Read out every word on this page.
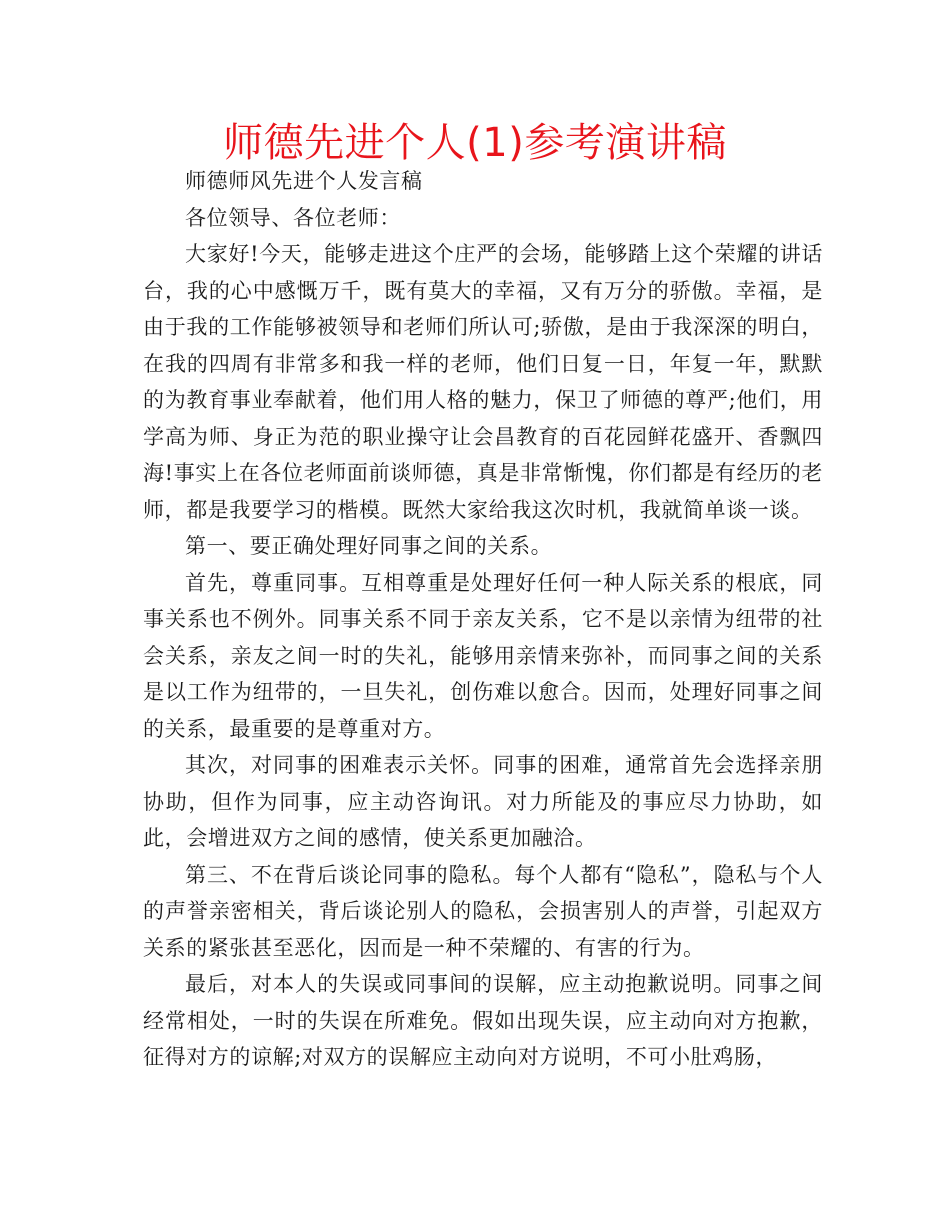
师德先进个人(1)参考演讲稿

师德师风先进个人发言稿

各位领导、各位老师：

大家好!今天，能够走进这个庄严的会场，能够踏上这个荣耀的讲话台，我的心中感慨万千，既有莫大的幸福，又有万分的骄傲。幸福，是由于我的工作能够被领导和老师们所认可;骄傲，是由于我深深的明白，在我的四周有非常多和我一样的老师，他们日复一日，年复一年，默默的为教育事业奉献着，他们用人格的魅力，保卫了师德的尊严;他们，用学高为师、身正为范的职业操守让会昌教育的百花园鲜花盛开、香飘四海!事实上在各位老师面前谈师德，真是非常惭愧，你们都是有经历的老师，都是我要学习的楷模。既然大家给我这次时机，我就简单谈一谈。

第一、要正确处理好同事之间的关系。

首先，尊重同事。互相尊重是处理好任何一种人际关系的根底，同事关系也不例外。同事关系不同于亲友关系，它不是以亲情为纽带的社会关系，亲友之间一时的失礼，能够用亲情来弥补，而同事之间的关系是以工作为纽带的，一旦失礼，创伤难以愈合。因而，处理好同事之间的关系，最重要的是尊重对方。

其次，对同事的困难表示关怀。同事的困难，通常首先会选择亲朋协助，但作为同事，应主动咨询讯。对力所能及的事应尽力协助，如此，会增进双方之间的感情，使关系更加融洽。

第三、不在背后谈论同事的隐私。每个人都有“隐私”，隐私与个人的声誉亲密相关，背后谈论别人的隐私，会损害别人的声誉，引起双方关系的紧张甚至恶化，因而是一种不荣耀的、有害的行为。

最后，对本人的失误或同事间的误解，应主动抱歉说明。同事之间经常相处，一时的失误在所难免。假如出现失误，应主动向对方抱歉，征得对方的谅解;对双方的误解应主动向对方说明，不可小肚鸡肠，
